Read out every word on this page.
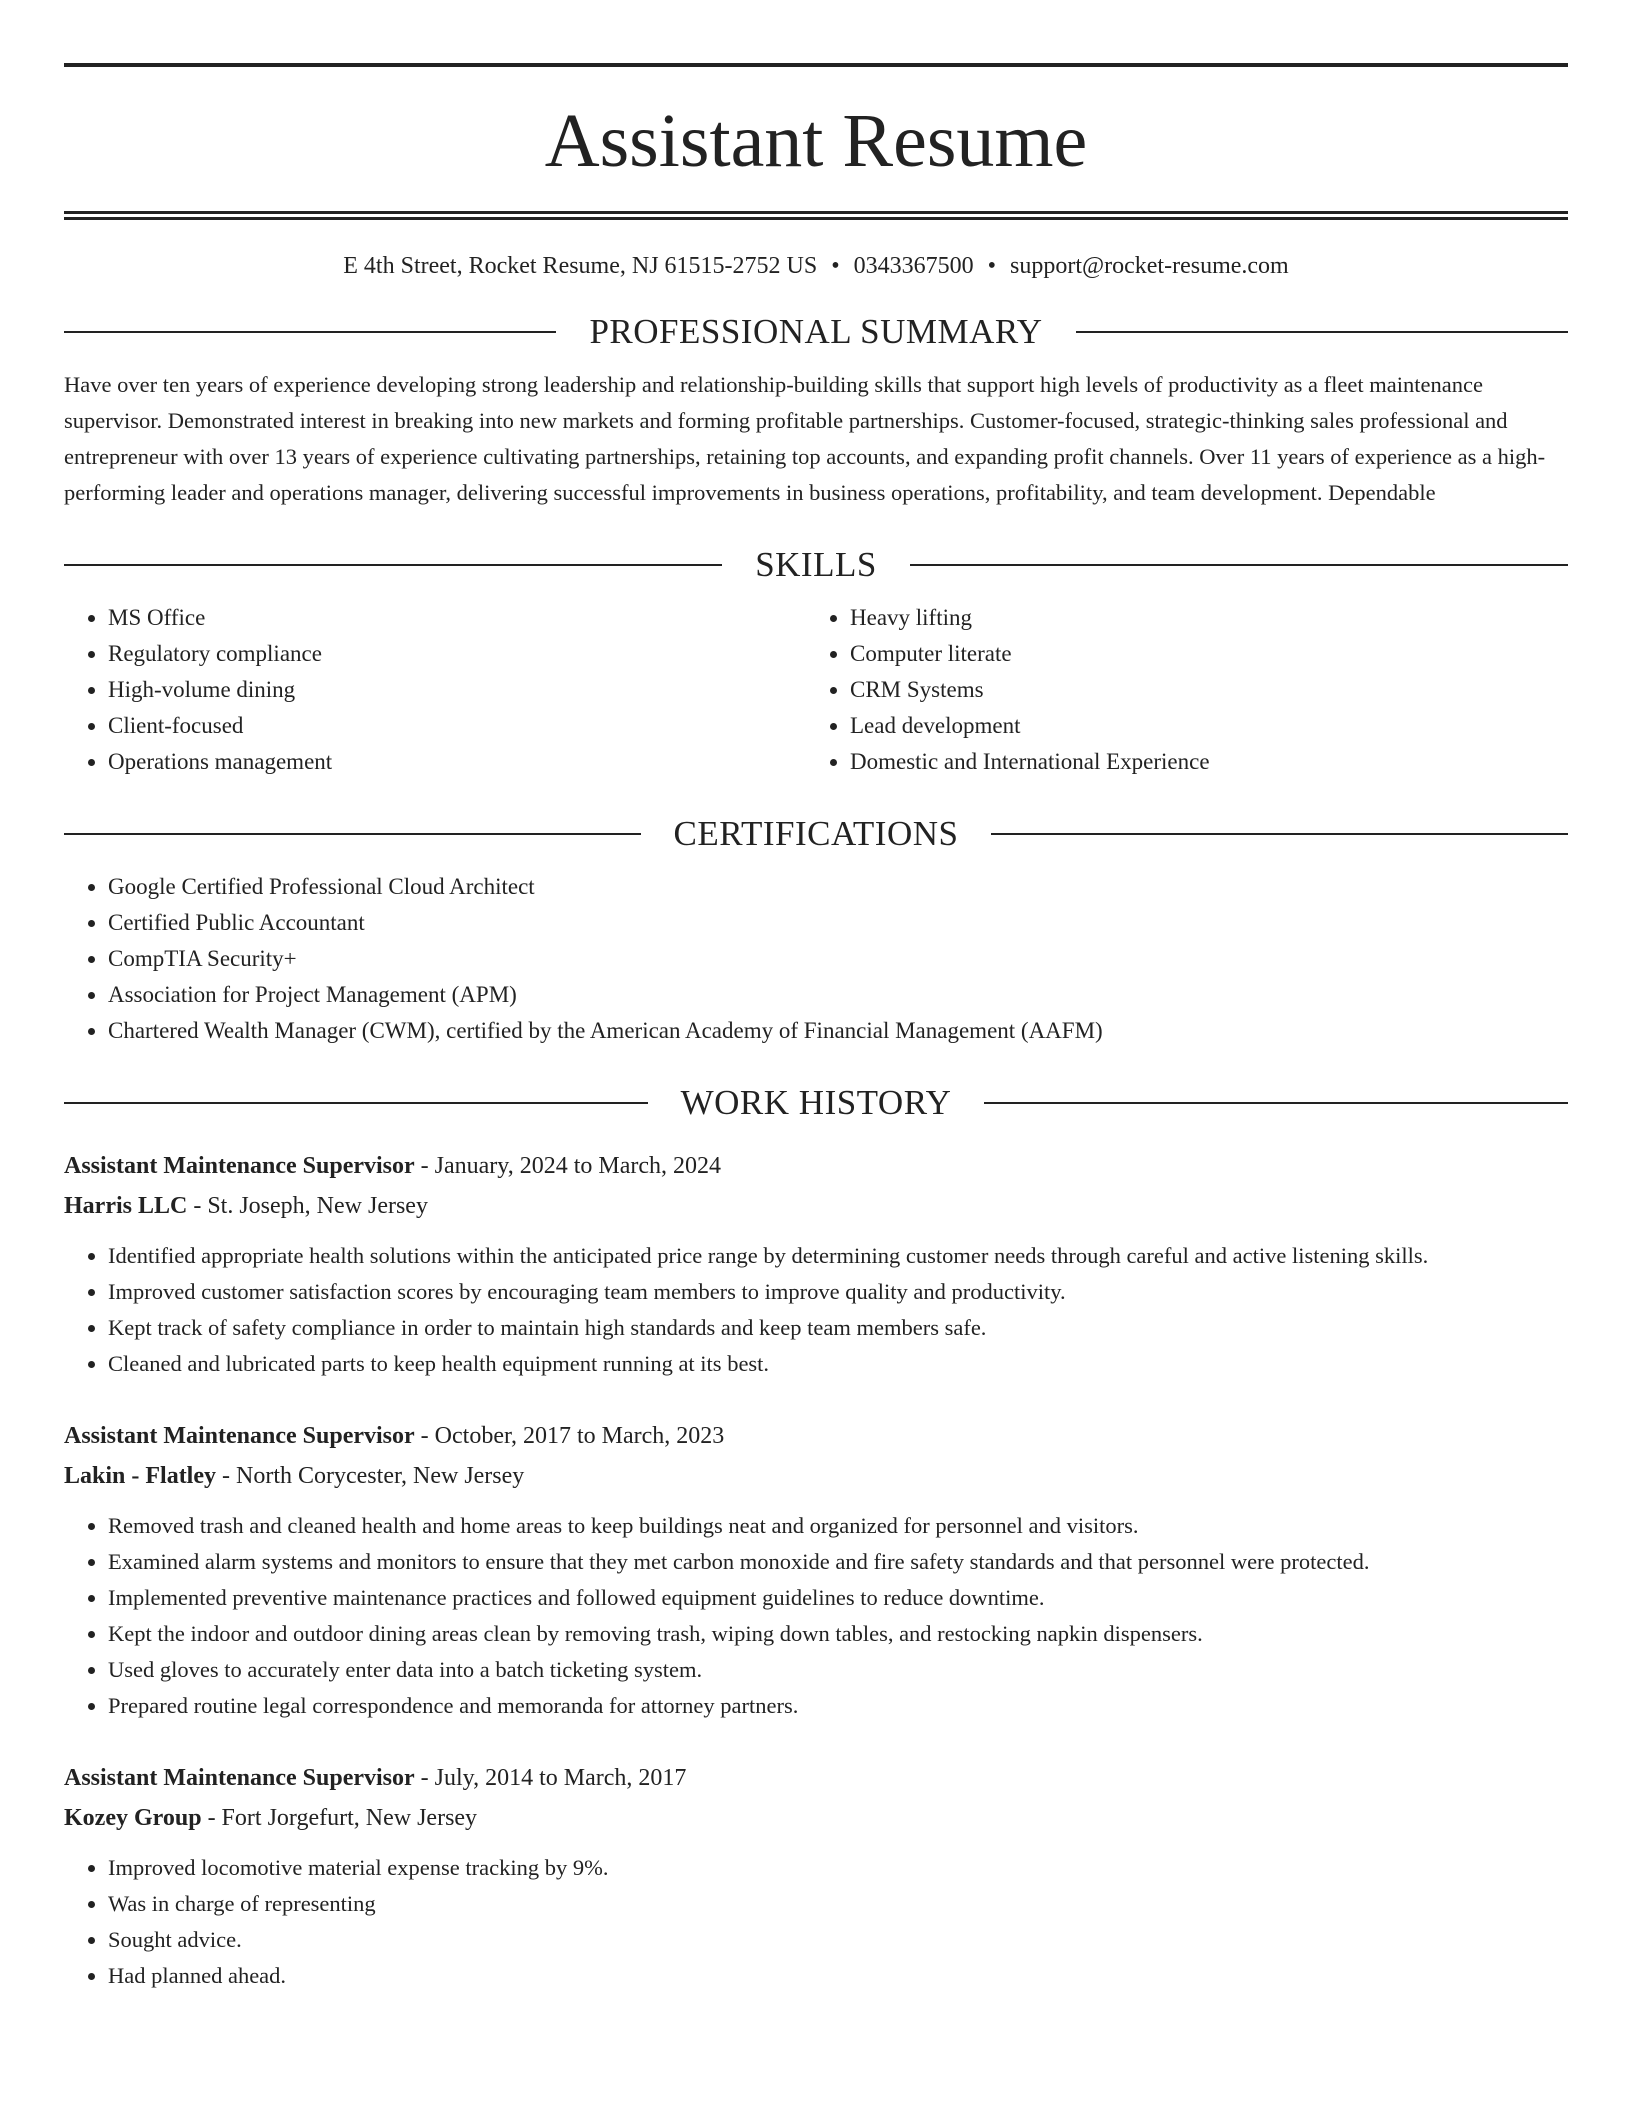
Assistant Resume
E 4th Street, Rocket Resume, NJ 61515-2752 US • 0343367500 • support@rocket-resume.com
PROFESSIONAL SUMMARY
Have over ten years of experience developing strong leadership and relationship-building skills that support high levels of productivity as a fleet maintenance supervisor. Demonstrated interest in breaking into new markets and forming profitable partnerships. Customer-focused, strategic-thinking sales professional and entrepreneur with over 13 years of experience cultivating partnerships, retaining top accounts, and expanding profit channels. Over 11 years of experience as a high-performing leader and operations manager, delivering successful improvements in business operations, profitability, and team development. Dependable
SKILLS
• MS Office
• Regulatory compliance
• High-volume dining
• Client-focused
• Operations management
• Heavy lifting
• Computer literate
• CRM Systems
• Lead development
• Domestic and International Experience
CERTIFICATIONS
• Google Certified Professional Cloud Architect
• Certified Public Accountant
• CompTIA Security+
• Association for Project Management (APM)
• Chartered Wealth Manager (CWM), certified by the American Academy of Financial Management (AAFM)
WORK HISTORY
Assistant Maintenance Supervisor - January, 2024 to March, 2024
Harris LLC - St. Joseph, New Jersey
• Identified appropriate health solutions within the anticipated price range by determining customer needs through careful and active listening skills.
• Improved customer satisfaction scores by encouraging team members to improve quality and productivity.
• Kept track of safety compliance in order to maintain high standards and keep team members safe.
• Cleaned and lubricated parts to keep health equipment running at its best.
Assistant Maintenance Supervisor - October, 2017 to March, 2023
Lakin - Flatley - North Corycester, New Jersey
• Removed trash and cleaned health and home areas to keep buildings neat and organized for personnel and visitors.
• Examined alarm systems and monitors to ensure that they met carbon monoxide and fire safety standards and that personnel were protected.
• Implemented preventive maintenance practices and followed equipment guidelines to reduce downtime.
• Kept the indoor and outdoor dining areas clean by removing trash, wiping down tables, and restocking napkin dispensers.
• Used gloves to accurately enter data into a batch ticketing system.
• Prepared routine legal correspondence and memoranda for attorney partners.
Assistant Maintenance Supervisor - July, 2014 to March, 2017
Kozey Group - Fort Jorgefurt, New Jersey
• Improved locomotive material expense tracking by 9%.
• Was in charge of representing
• Sought advice.
• Had planned ahead.
